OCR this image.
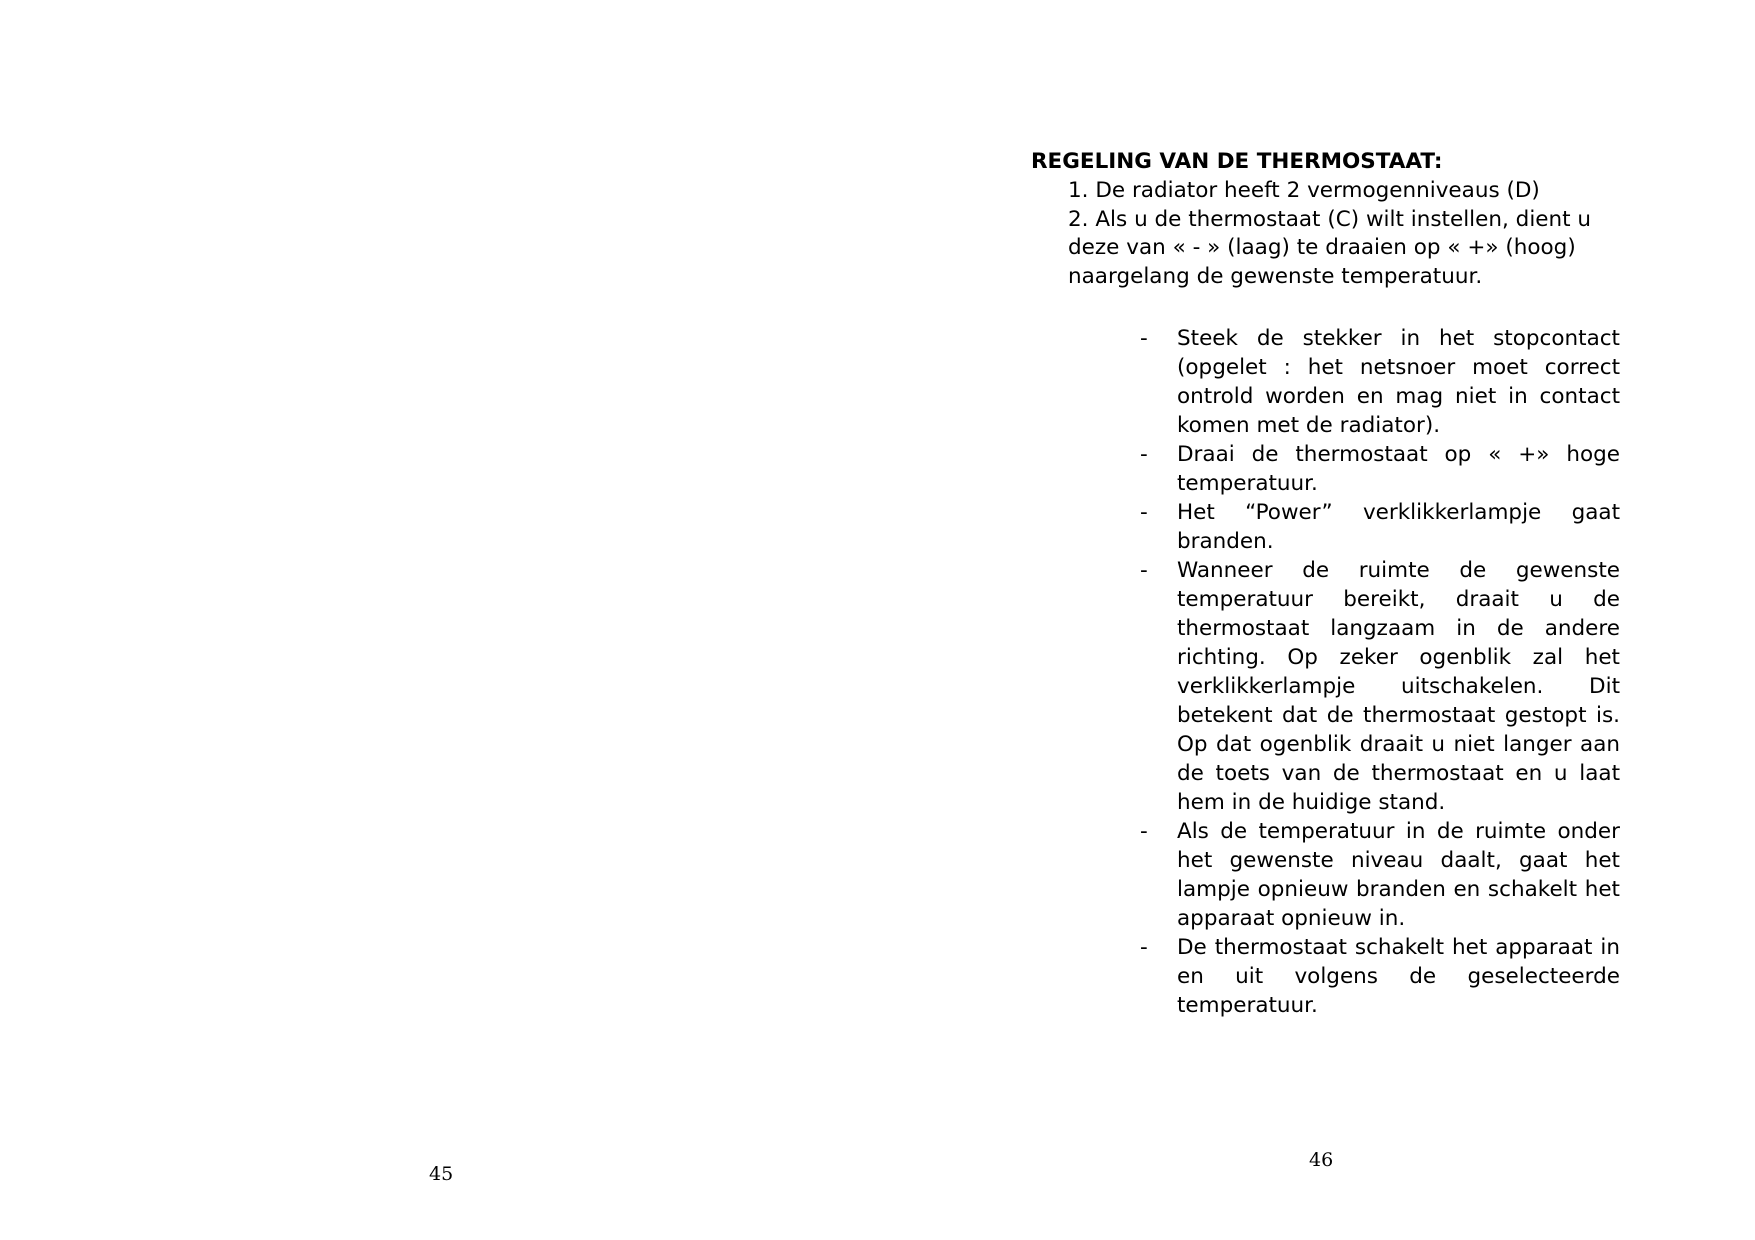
45
REGELING VAN DE THERMOSTAAT:

1. De radiator heeft 2 vermogenniveaus (D)

2. Als u de thermostaat (C) wilt instellen, dient u deze van « - » (laag) te draaien op « +» (hoog) naargelang de gewenste temperatuur.

-	Steek de stekker in het stopcontact (opgelet : het netsnoer moet correct ontrold worden en mag niet in contact komen met de radiator).
-	Draai de thermostaat op « +» hoge temperatuur.
-	Het “Power” verklikkerlampje gaat branden.
-	Wanneer de ruimte de gewenste temperatuur bereikt, draait u de thermostaat langzaam in de andere richting. Op zeker ogenblik zal het verklikkerlampje uitschakelen. Dit betekent dat de thermostaat gestopt is. Op dat ogenblik draait u niet langer aan de toets van de thermostaat en u laat hem in de huidige stand.
-	Als de temperatuur in de ruimte onder het gewenste niveau daalt, gaat het lampje opnieuw branden en schakelt het apparaat opnieuw in.
-	De thermostaat schakelt het apparaat in en uit volgens de geselecteerde temperatuur.
46
